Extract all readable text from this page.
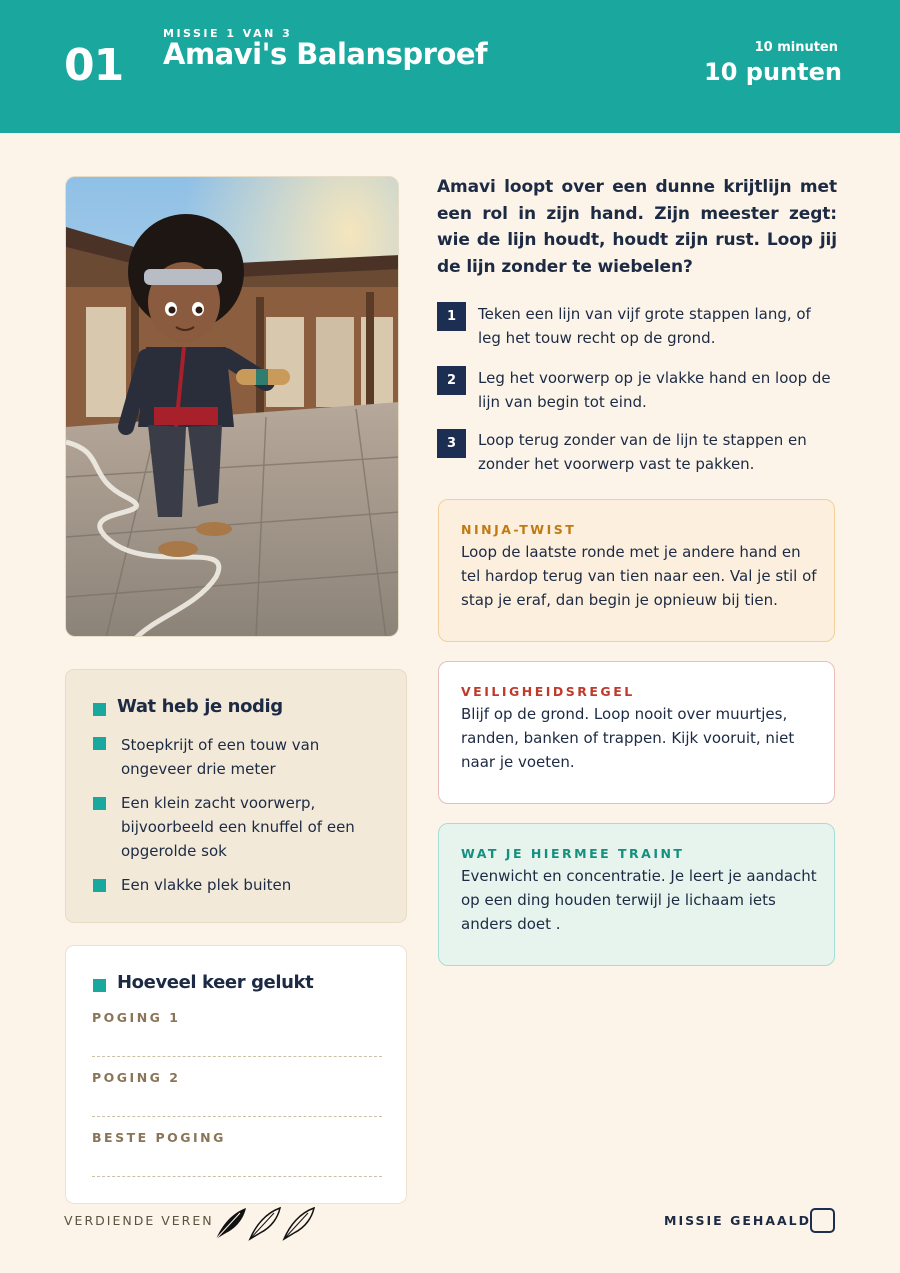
01
MISSIE 1 VAN 3
Amavi's Balansproef	10 minuten
10 punten
Wat heb je nodig
Stoepkrijt of een touw van ongeveer drie meter
Een klein zacht voorwerp, bijvoorbeeld een knuffel of een opgerolde sok
Een vlakke plek buiten
Hoeveel keer gelukt
POGING 1
POGING 2
BESTE POGING
Amavi loopt over een dunne krijtlijn met een rol in zijn hand. Zijn meester zegt: wie de lijn houdt, houdt zijn rust. Loop jij de lijn zonder te wiebelen?
1	Teken een lijn van vijf grote stappen lang, of leg het touw recht op de grond.
2	Leg het voorwerp op je vlakke hand en loop de lijn van begin tot eind.
3	Loop terug zonder van de lijn te stappen en zonder het voorwerp vast te pakken.
NINJA-TWIST
Loop de laatste ronde met je andere hand en tel hardop terug van tien naar een. Val je stil of stap je eraf, dan begin je opnieuw bij tien.
VEILIGHEIDSREGEL
Blijf op de grond. Loop nooit over muurtjes, randen, banken of trappen. Kijk vooruit, niet naar je voeten.
WAT JE HIERMEE TRAINT
Evenwicht en concentratie. Je leert je aandacht op een ding houden terwijl je lichaam iets anders doet .
VERDIENDE VEREN	MISSIE GEHAALD
